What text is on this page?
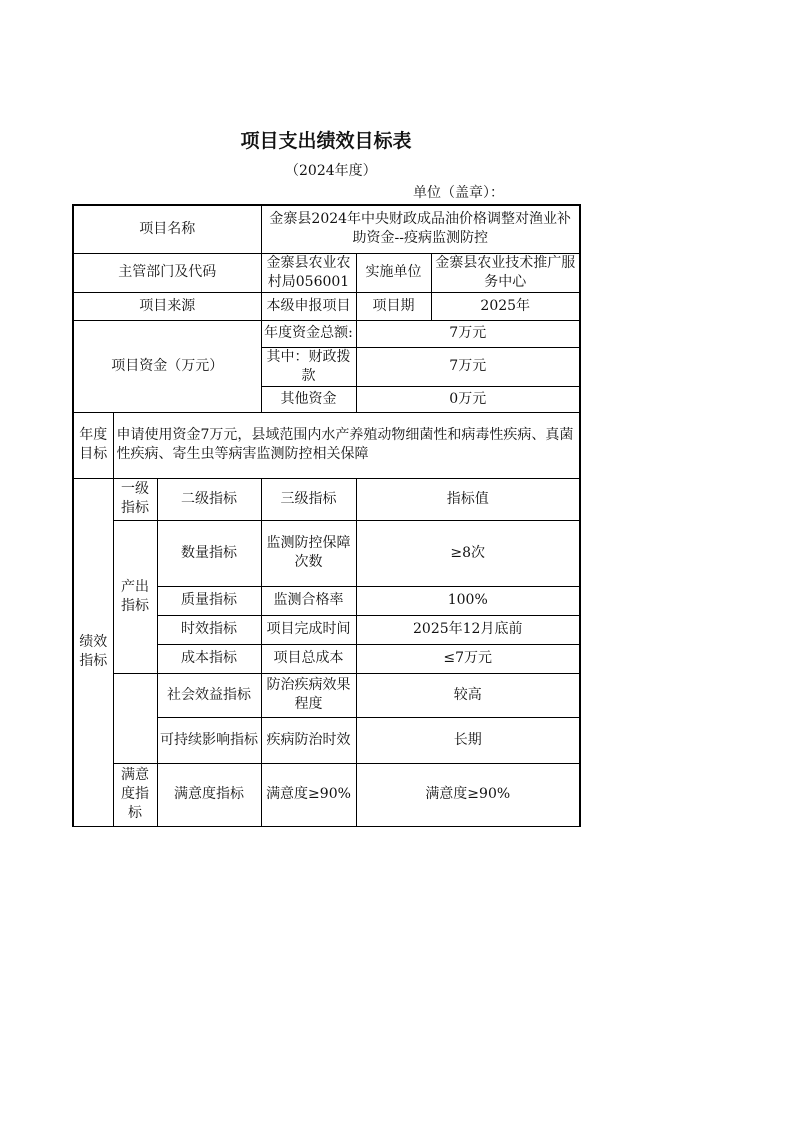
项目支出绩效目标表
（2024年度）
单位（盖章）：
项目名称			金寨县2024年中央财政成品油价格调整对渔业补助资金--疫病监测防控		
主管部门及代码			金寨县农业农村局056001	实施单位	金寨县农业技术推广服务中心
项目来源			本级申报项目	项目期	2025年
项目资金（万元）			年度资金总额:	7万元	
			其中：财政拨款	7万元	
			其他资金	0万元	
年度目标	申请使用资金7万元，县域范围内水产养殖动物细菌性和病毒性疾病、真菌性疾病、寄生虫等病害监测防控相关保障				
绩效指标	一级指标	二级指标	三级指标	指标值	
	产出指标	数量指标	监测防控保障次数	≥8次	
		质量指标	监测合格率	100%	
		时效指标	项目完成时间	2025年12月底前	
		成本指标	项目总成本	≤7万元	
		社会效益指标	防治疾病效果程度	较高	
		可持续影响指标	疾病防治时效	长期	
	满意度指标	满意度指标	满意度≥90%	满意度≥90%	
